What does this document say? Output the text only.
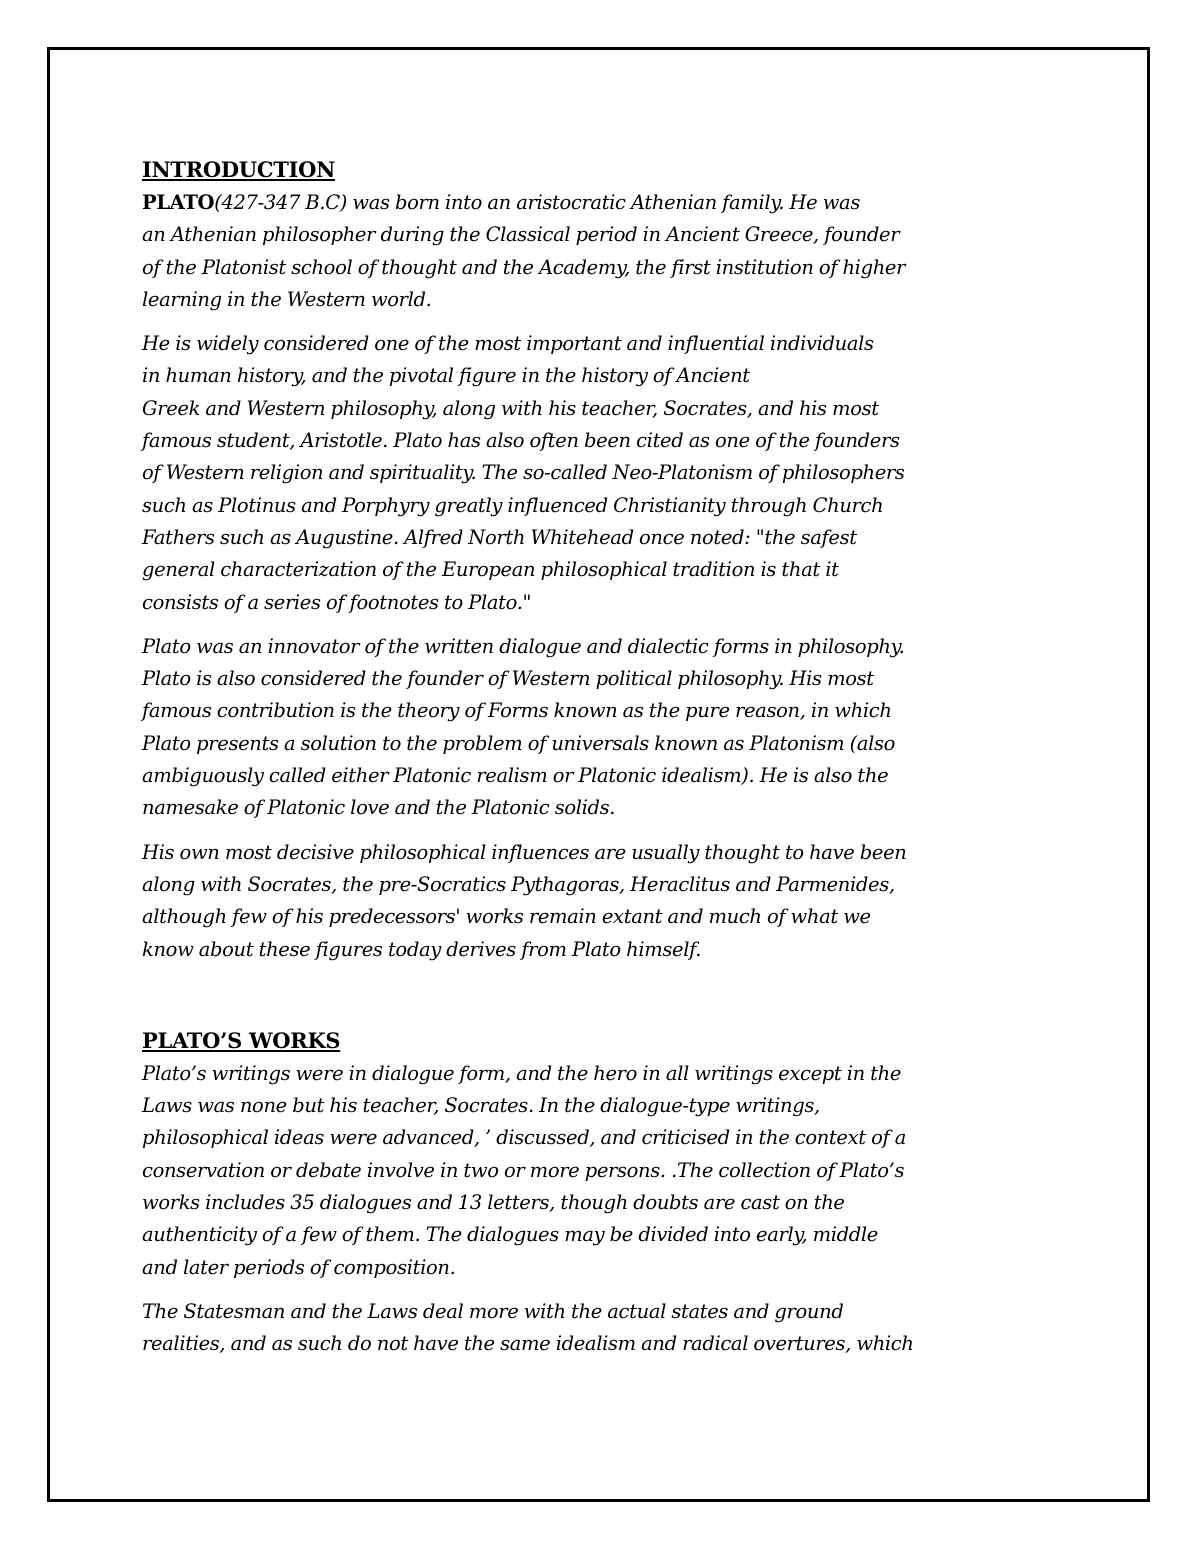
INTRODUCTION
PLATO(427-347 B.C) was born into an aristocratic Athenian family. He was
an Athenian philosopher during the Classical period in Ancient Greece, founder
of the Platonist school of thought and the Academy, the first institution of higher
learning in the Western world.
He is widely considered one of the most important and influential individuals
in human history, and the pivotal figure in the history of Ancient
Greek and Western philosophy, along with his teacher, Socrates, and his most
famous student, Aristotle. Plato has also often been cited as one of the founders
of Western religion and spirituality. The so-called Neo-Platonism of philosophers
such as Plotinus and Porphyry greatly influenced Christianity through Church
Fathers such as Augustine. Alfred North Whitehead once noted: "the safest
general characterization of the European philosophical tradition is that it
consists of a series of footnotes to Plato."
Plato was an innovator of the written dialogue and dialectic forms in philosophy.
Plato is also considered the founder of Western political philosophy. His most
famous contribution is the theory of Forms known as the pure reason, in which
Plato presents a solution to the problem of universals known as Platonism (also
ambiguously called either Platonic realism or Platonic idealism). He is also the
namesake of Platonic love and the Platonic solids.
His own most decisive philosophical influences are usually thought to have been
along with Socrates, the pre-Socratics Pythagoras, Heraclitus and Parmenides,
although few of his predecessors' works remain extant and much of what we
know about these figures today derives from Plato himself.
PLATO’S WORKS
Plato’s writings were in dialogue form, and the hero in all writings except in the
Laws was none but his teacher, Socrates. In the dialogue-type writings,
philosophical ideas were advanced, ’ discussed, and criticised in the context of a
conservation or debate involve in two or more persons. .The collection of Plato’s
works includes 35 dialogues and 13 letters, though doubts are cast on the
authenticity of a few of them. The dialogues may be divided into early, middle
and later periods of composition.
The Statesman and the Laws deal more with the actual states and ground
realities, and as such do not have the same idealism and radical overtures, which
